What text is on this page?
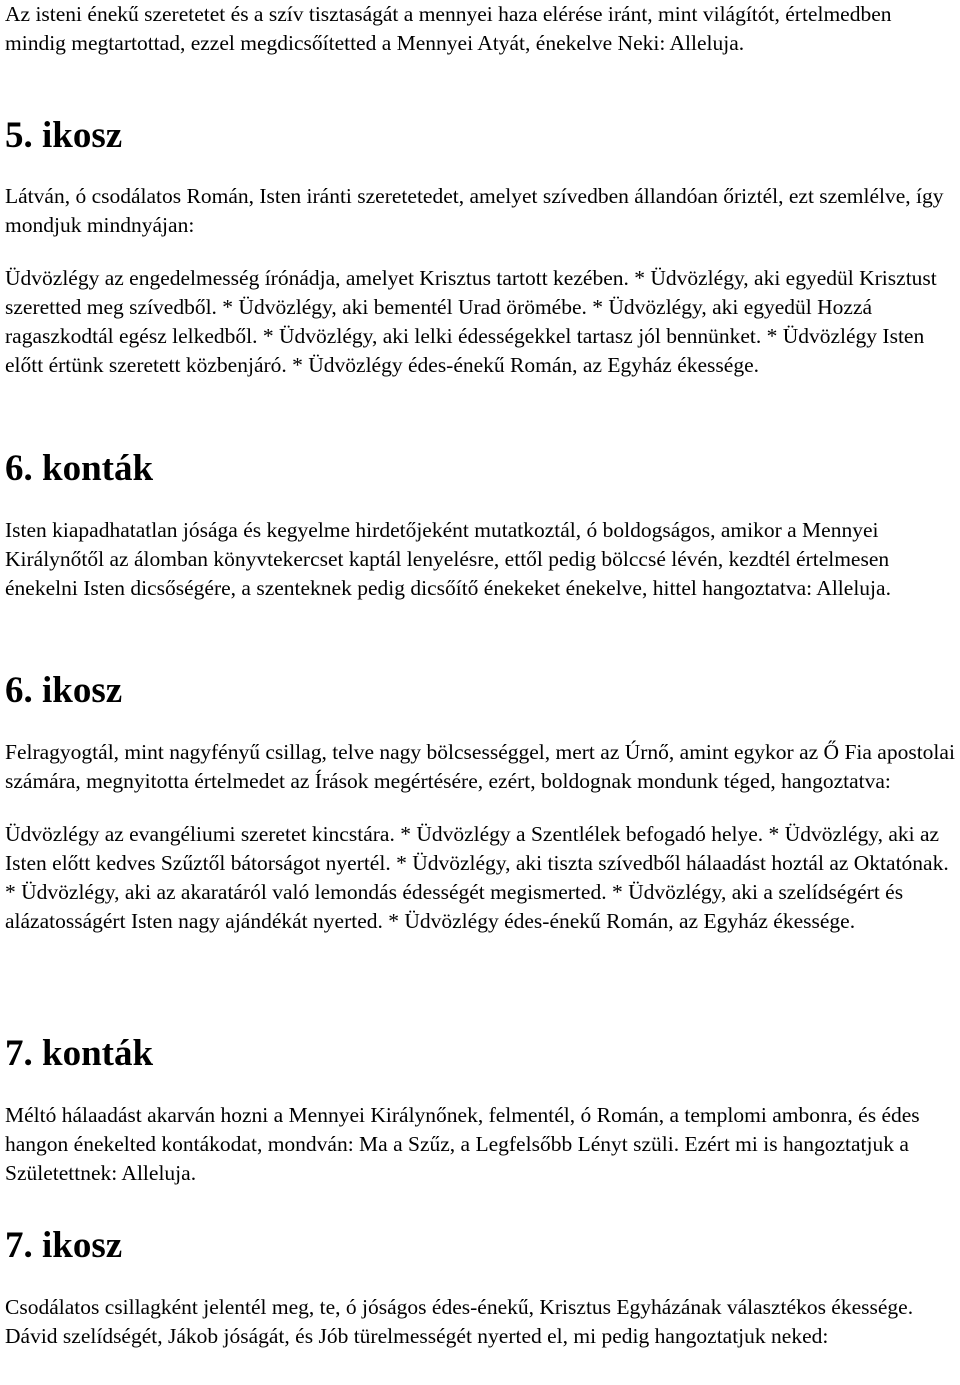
Az isteni énekű szeretetet és a szív tisztaságát a mennyei haza elérése iránt, mint világítót, értelmedben mindig megtartottad, ezzel megdicsőítetted a Mennyei Atyát, énekelve Neki: Alleluja.

5. ikosz

Látván, ó csodálatos Román, Isten iránti szeretetedet, amelyet szívedben állandóan őriztél, ezt szemlélve, így mondjuk mindnyájan:

Üdvözlégy az engedelmesség írónádja, amelyet Krisztus tartott kezében. * Üdvözlégy, aki egyedül Krisztust szeretted meg szívedből. * Üdvözlégy, aki bementél Urad örömébe. * Üdvözlégy, aki egyedül Hozzá ragaszkodtál egész lelkedből. * Üdvözlégy, aki lelki édességekkel tartasz jól bennünket. * Üdvözlégy Isten előtt értünk szeretett közbenjáró. * Üdvözlégy édes-énekű Román, az Egyház ékessége.

6. konták

Isten kiapadhatatlan jósága és kegyelme hirdetőjeként mutatkoztál, ó boldogságos, amikor a Mennyei Királynőtől az álomban könyvtekercset kaptál lenyelésre, ettől pedig bölccsé lévén, kezdtél értelmesen énekelni Isten dicsőségére, a szenteknek pedig dicsőítő énekeket énekelve, hittel hangoztatva: Alleluja.

6. ikosz

Felragyogtál, mint nagyfényű csillag, telve nagy bölcsességgel, mert az Úrnő, amint egykor az Ő Fia apostolai számára, megnyitotta értelmedet az Írások megértésére, ezért, boldognak mondunk téged, hangoztatva:

Üdvözlégy az evangéliumi szeretet kincstára. * Üdvözlégy a Szentlélek befogadó helye. * Üdvözlégy, aki az Isten előtt kedves Szűztől bátorságot nyertél. * Üdvözlégy, aki tiszta szívedből hálaadást hoztál az Oktatónak. * Üdvözlégy, aki az akaratáról való lemondás édességét megismerted. * Üdvözlégy, aki a szelídségért és alázatosságért Isten nagy ajándékát nyerted. * Üdvözlégy édes-énekű Román, az Egyház ékessége.

7. konták

Méltó hálaadást akarván hozni a Mennyei Királynőnek, felmentél, ó Román, a templomi ambonra, és édes hangon énekelted kontákodat, mondván: Ma a Szűz, a Legfelsőbb Lényt szüli. Ezért mi is hangoztatjuk a Születettnek: Alleluja.

7. ikosz

Csodálatos csillagként jelentél meg, te, ó jóságos édes-énekű, Krisztus Egyházának választékos ékessége. Dávid szelídségét, Jákob jóságát, és Jób türelmességét nyerted el, mi pedig hangoztatjuk neked:
